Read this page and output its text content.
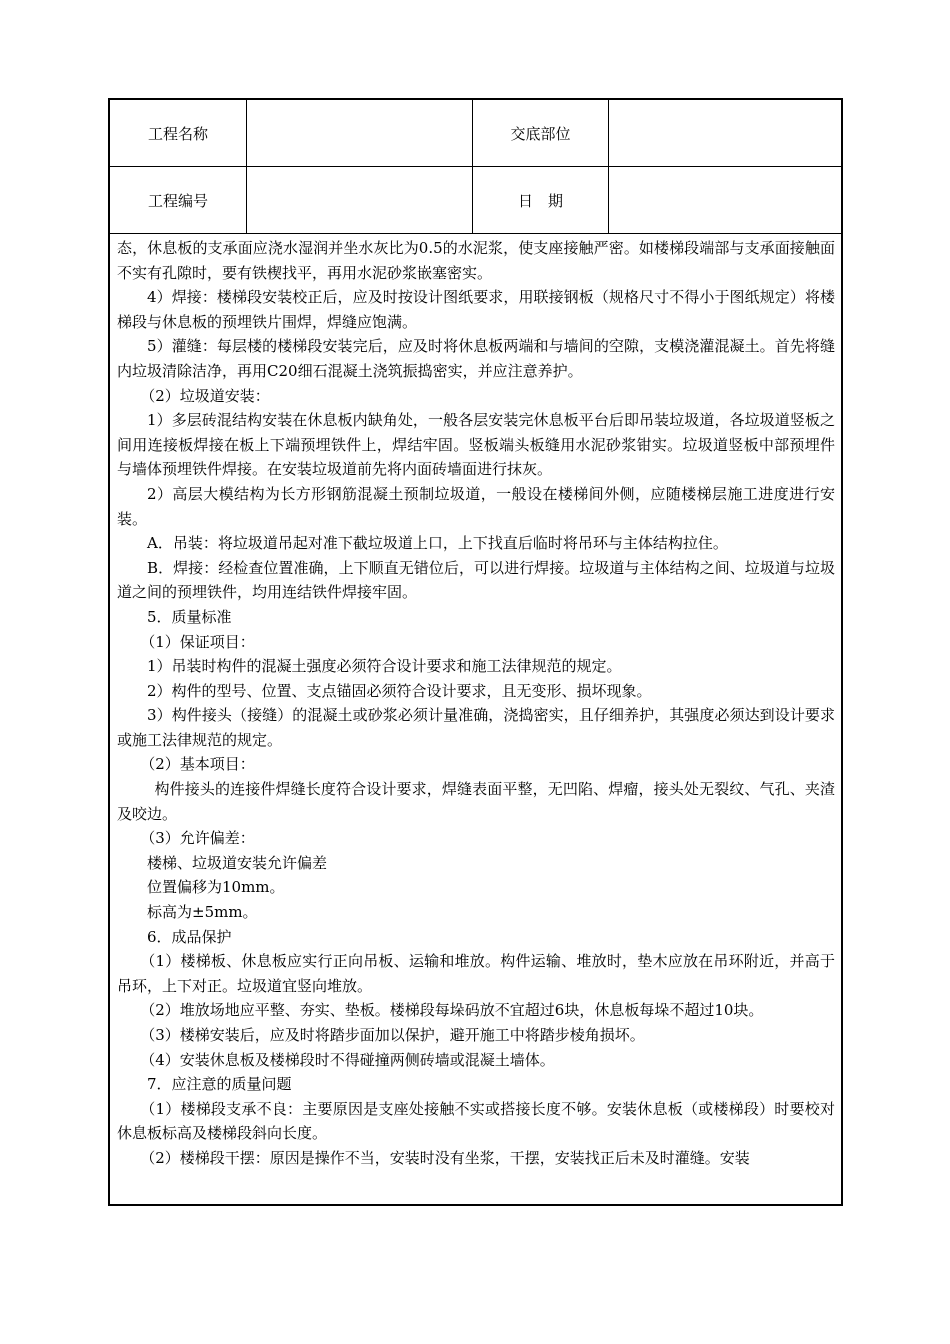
工程名称	交底部位
工程编号	日　期

态，休息板的支承面应浇水湿润并坐水灰比为0.5的水泥浆，使支座接触严密。如楼梯段端部与支承面接触面不实有孔隙时，要有铁楔找平，再用水泥砂浆嵌塞密实。

4）焊接：楼梯段安装校正后，应及时按设计图纸要求，用联接钢板（规格尺寸不得小于图纸规定）将楼梯段与休息板的预埋铁片围焊，焊缝应饱满。

5）灌缝：每层楼的楼梯段安装完后，应及时将休息板两端和与墙间的空隙，支模浇灌混凝土。首先将缝内垃圾清除洁净，再用C20细石混凝土浇筑振捣密实，并应注意养护。

（2）垃圾道安装：

1）多层砖混结构安装在休息板内缺角处，一般各层安装完休息板平台后即吊装垃圾道，各垃圾道竖板之间用连接板焊接在板上下端预埋铁件上，焊结牢固。竖板端头板缝用水泥砂浆钳实。垃圾道竖板中部预埋件与墙体预埋铁件焊接。在安装垃圾道前先将内面砖墙面进行抹灰。

2）高层大模结构为长方形钢筋混凝土预制垃圾道，一般设在楼梯间外侧，应随楼梯层施工进度进行安装。

A．吊装：将垃圾道吊起对准下截垃圾道上口，上下找直后临时将吊环与主体结构拉住。

B．焊接：经检查位置准确，上下顺直无错位后，可以进行焊接。垃圾道与主体结构之间、垃圾道与垃圾道之间的预埋铁件，均用连结铁件焊接牢固。

5．质量标准

（1）保证项目：

1）吊装时构件的混凝土强度必须符合设计要求和施工法律规范的规定。

2）构件的型号、位置、支点锚固必须符合设计要求，且无变形、损坏现象。

3）构件接头（接缝）的混凝土或砂浆必须计量准确，浇捣密实，且仔细养护，其强度必须达到设计要求或施工法律规范的规定。

（2）基本项目：

构件接头的连接件焊缝长度符合设计要求，焊缝表面平整，无凹陷、焊瘤，接头处无裂纹、气孔、夹渣及咬边。

（3）允许偏差：

楼梯、垃圾道安装允许偏差

位置偏移为10mm。

标高为±5mm。

6．成品保护

（1）楼梯板、休息板应实行正向吊板、运输和堆放。构件运输、堆放时，垫木应放在吊环附近，并高于吊环，上下对正。垃圾道宜竖向堆放。

（2）堆放场地应平整、夯实、垫板。楼梯段每垛码放不宜超过6块，休息板每垛不超过10块。

（3）楼梯安装后，应及时将踏步面加以保护，避开施工中将踏步棱角损坏。

（4）安装休息板及楼梯段时不得碰撞两侧砖墙或混凝土墙体。

7．应注意的质量问题

（1）楼梯段支承不良：主要原因是支座处接触不实或搭接长度不够。安装休息板（或楼梯段）时要校对休息板标高及楼梯段斜向长度。

（2）楼梯段干摆：原因是操作不当，安装时没有坐浆，干摆，安装找正后未及时灌缝。安装
